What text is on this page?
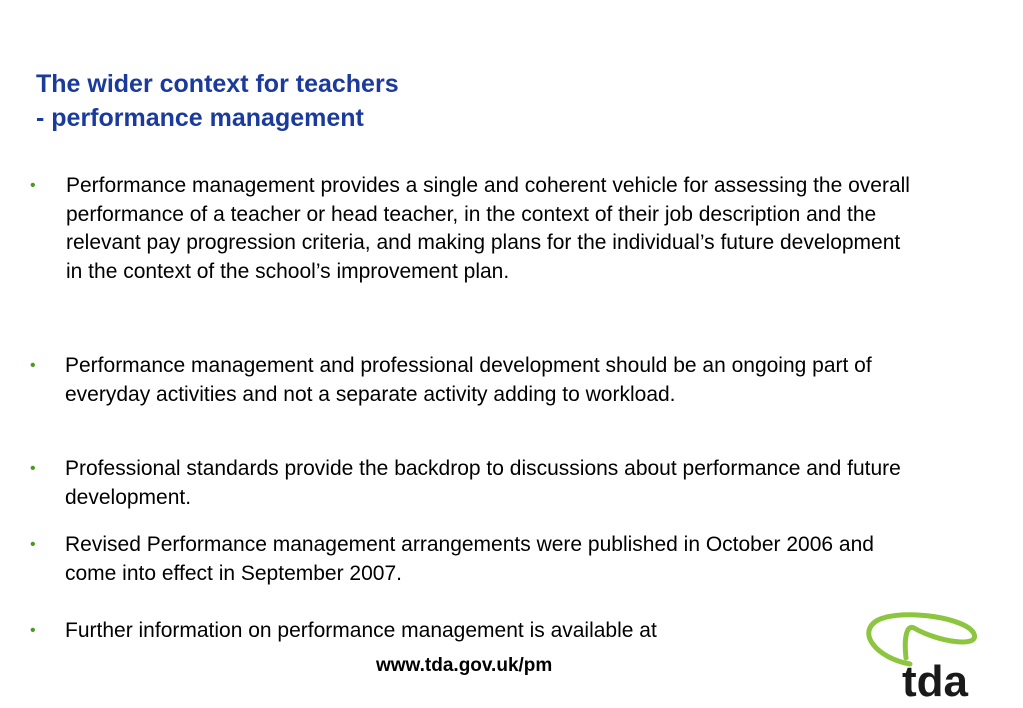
The wider context for teachers
- performance management
• Performance management provides a single and coherent vehicle for assessing the overall performance of a teacher or head teacher, in the context of their job description and the relevant pay progression criteria, and making plans for the individual’s future development in the context of the school’s improvement plan.
• Performance management and professional development should be an ongoing part of everyday activities and not a separate activity adding to workload.
• Professional standards provide the backdrop to discussions about performance and future development.
• Revised Performance management arrangements were published in October 2006 and come into effect in September 2007.
• Further information on performance management is available at
www.tda.gov.uk/pm	tda
